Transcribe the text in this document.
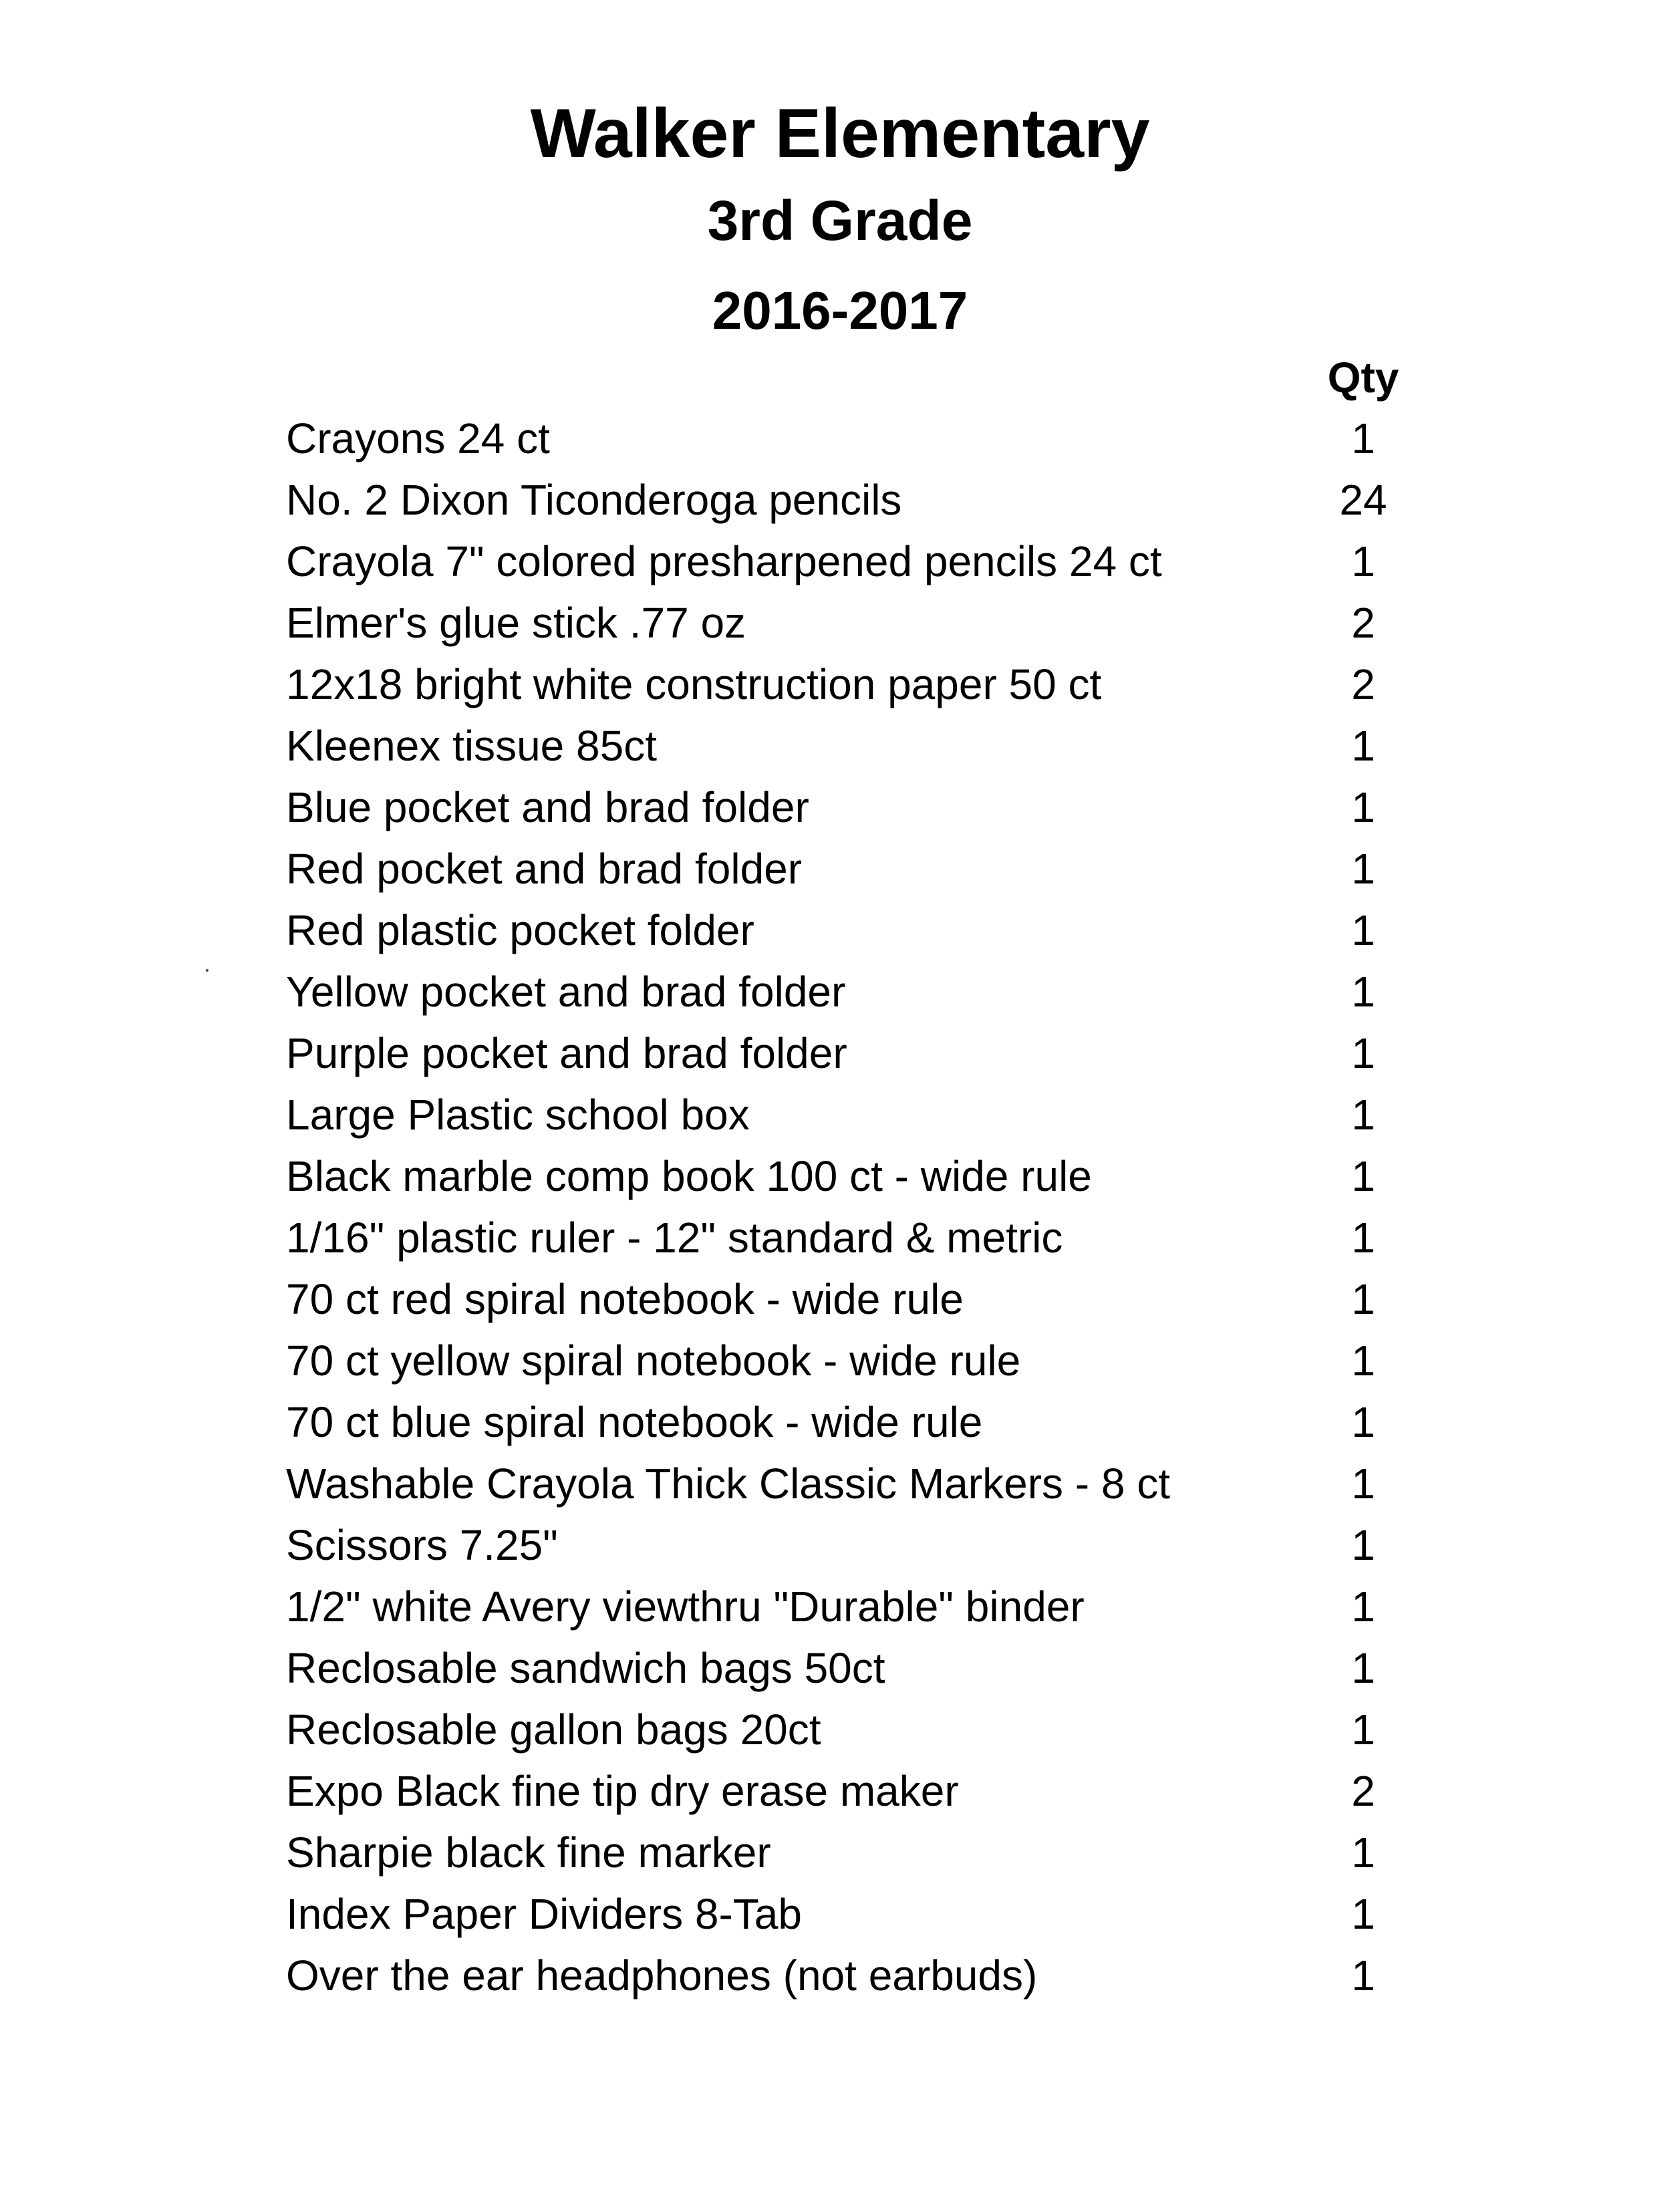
Walker Elementary
3rd Grade
2016-2017
Qty
Crayons 24 ct	1
No. 2 Dixon Ticonderoga pencils	24
Crayola 7" colored presharpened pencils 24 ct	1
Elmer's glue stick .77 oz	2
12x18 bright white construction paper 50 ct	2
Kleenex tissue 85ct	1
Blue pocket and brad folder	1
Red pocket and brad folder	1
Red plastic pocket folder	1
Yellow pocket and brad folder	1
Purple pocket and brad folder	1
Large Plastic school box	1
Black marble comp book 100 ct - wide rule	1
1/16" plastic ruler - 12" standard & metric	1
70 ct red spiral notebook - wide rule	1
70 ct yellow spiral notebook - wide rule	1
70 ct blue spiral notebook - wide rule	1
Washable Crayola Thick Classic Markers - 8 ct	1
Scissors 7.25"	1
1/2" white Avery viewthru "Durable" binder	1
Reclosable sandwich bags 50ct	1
Reclosable gallon bags 20ct	1
Expo Black fine tip dry erase maker	2
Sharpie black fine marker	1
Index Paper Dividers 8-Tab	1
Over the ear headphones (not earbuds)	1
